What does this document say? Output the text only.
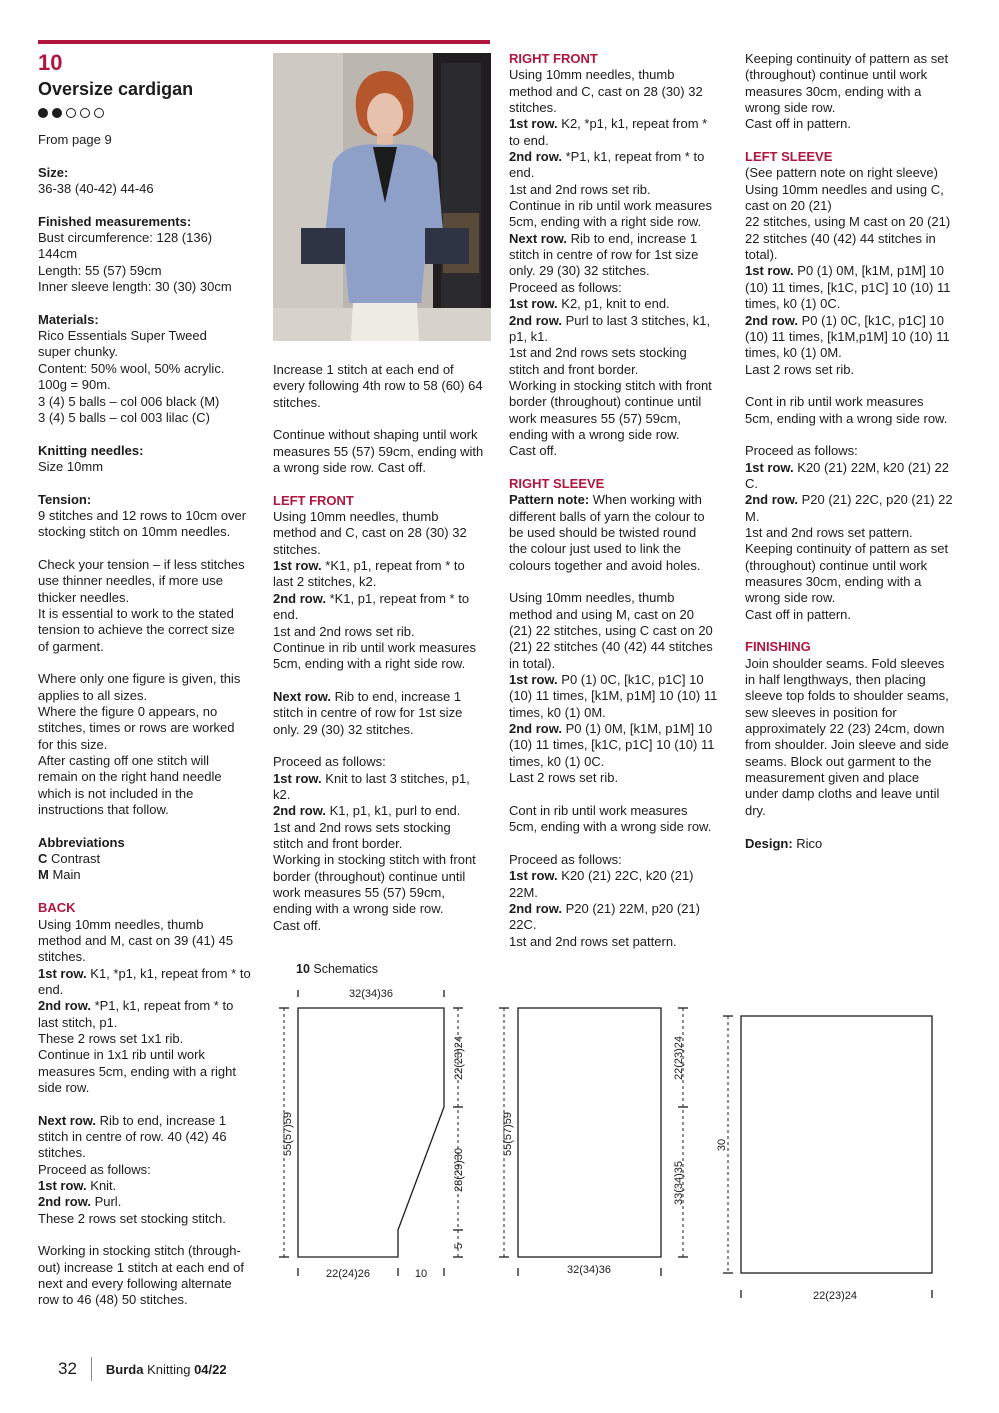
10
Oversize cardigan

From page 9

Size:

36-38 (40-42) 44-46

Finished measurements:

Bust circumference: 128 (136)
144cm
Length: 55 (57) 59cm
Inner sleeve length: 30 (30) 30cm

Materials:

Rico Essentials Super Tweed
super chunky.
Content: 50% wool, 50% acrylic.
100g = 90m.
3 (4) 5 balls – col 006 black (M)
3 (4) 5 balls – col 003 lilac (C)

Knitting needles:

Size 10mm

Tension:

9 stitches and 12 rows to 10cm over
stocking stitch on 10mm needles.

Check your tension – if less stitches
use thinner needles, if more use
thicker needles.
It is essential to work to the stated
tension to achieve the correct size
of garment.

Where only one figure is given, this
applies to all sizes.
Where the figure 0 appears, no
stitches, times or rows are worked
for this size.
After casting off one stitch will
remain on the right hand needle
which is not included in the
instructions that follow.

Abbreviations

C Contrast

M Main

BACK

Using 10mm needles, thumb
method and M, cast on 39 (41) 45
stitches.

1st row. K1, *p1, k1, repeat from * to
end.

2nd row. *P1, k1, repeat from * to
last stitch, p1.
These 2 rows set 1x1 rib.
Continue in 1x1 rib until work
measures 5cm, ending with a right
side row.

Next row. Rib to end, increase 1
stitch in centre of row. 40 (42) 46
stitches.
Proceed as follows:

1st row. Knit.

2nd row. Purl.
These 2 rows set stocking stitch.

Working in stocking stitch (through-
out) increase 1 stitch at each end of
next and every following alternate
row to 46 (48) 50 stitches.

Increase 1 stitch at each end of
every following 4th row to 58 (60) 64
stitches.

Continue without shaping until work
measures 55 (57) 59cm, ending with
a wrong side row. Cast off.

LEFT FRONT

Using 10mm needles, thumb
method and C, cast on 28 (30) 32
stitches.

1st row. *K1, p1, repeat from * to
last 2 stitches, k2.

2nd row. *K1, p1, repeat from * to
end.
1st and 2nd rows set rib.
Continue in rib until work measures
5cm, ending with a right side row.

Next row. Rib to end, increase 1
stitch in centre of row for 1st size
only. 29 (30) 32 stitches.

Proceed as follows:

1st row. Knit to last 3 stitches, p1,
k2.

2nd row. K1, p1, k1, purl to end.
1st and 2nd rows sets stocking
stitch and front border.
Working in stocking stitch with front
border (throughout) continue until
work measures 55 (57) 59cm,
ending with a wrong side row.
Cast off.

RIGHT FRONT

Using 10mm needles, thumb
method and C, cast on 28 (30) 32
stitches.

1st row. K2, *p1, k1, repeat from *
to end.

2nd row. *P1, k1, repeat from * to
end.
1st and 2nd rows set rib.
Continue in rib until work measures
5cm, ending with a right side row.

Next row. Rib to end, increase 1
stitch in centre of row for 1st size
only. 29 (30) 32 stitches.
Proceed as follows:

1st row. K2, p1, knit to end.

2nd row. Purl to last 3 stitches, k1,
p1, k1.
1st and 2nd rows sets stocking
stitch and front border.
Working in stocking stitch with front
border (throughout) continue until
work measures 55 (57) 59cm,
ending with a wrong side row.
Cast off.

RIGHT SLEEVE

Pattern note: When working with
different balls of yarn the colour to
be used should be twisted round
the colour just used to link the
colours together and avoid holes.

Using 10mm needles, thumb
method and using M, cast on 20
(21) 22 stitches, using C cast on 20
(21) 22 stitches (40 (42) 44 stitches
in total).

1st row. P0 (1) 0C, [k1C, p1C] 10
(10) 11 times, [k1M, p1M] 10 (10) 11
times, k0 (1) 0M.

2nd row. P0 (1) 0M, [k1M, p1M] 10
(10) 11 times, [k1C, p1C] 10 (10) 11
times, k0 (1) 0C.
Last 2 rows set rib.

Cont in rib until work measures
5cm, ending with a wrong side row.

Proceed as follows:

1st row. K20 (21) 22C, k20 (21)
22M.

2nd row. P20 (21) 22M, p20 (21)
22C.
1st and 2nd rows set pattern.

Keeping continuity of pattern as set
(throughout) continue until work
measures 30cm, ending with a
wrong side row.
Cast off in pattern.

LEFT SLEEVE

(See pattern note on right sleeve)
Using 10mm needles and using C, cast on 20 (21)
22 stitches, using M cast on 20 (21)
22 stitches (40 (42) 44 stitches in
total).

1st row. P0 (1) 0M, [k1M, p1M] 10
(10) 11 times, [k1C, p1C] 10 (10) 11
times, k0 (1) 0C.

2nd row. P0 (1) 0C, [k1C, p1C] 10
(10) 11 times, [k1M,p1M] 10 (10) 11
times, k0 (1) 0M.
Last 2 rows set rib.

Cont in rib until work measures
5cm, ending with a wrong side row.

Proceed as follows:

1st row. K20 (21) 22M, k20 (21) 22
C.

2nd row. P20 (21) 22C, p20 (21) 22
M.
1st and 2nd rows set pattern.
Keeping continuity of pattern as set
(throughout) continue until work
measures 30cm, ending with a
wrong side row.
Cast off in pattern.

FINISHING

Join shoulder seams. Fold sleeves
in half lengthways, then placing
sleeve top folds to shoulder seams,
sew sleeves in position for
approximately 22 (23) 24cm, down
from shoulder. Join sleeve and side
seams. Block out garment to the
measurement given and place
under damp cloths and leave until
dry.

Design: Rico

10 Schematics
32(34)36
55(57)59
22(23)24
28(29)30
5
22(24)26	10
55(57)59
22(23)24
33(34)35
32(34)36
30
22(23)24
32 Burda Knitting 04/22
